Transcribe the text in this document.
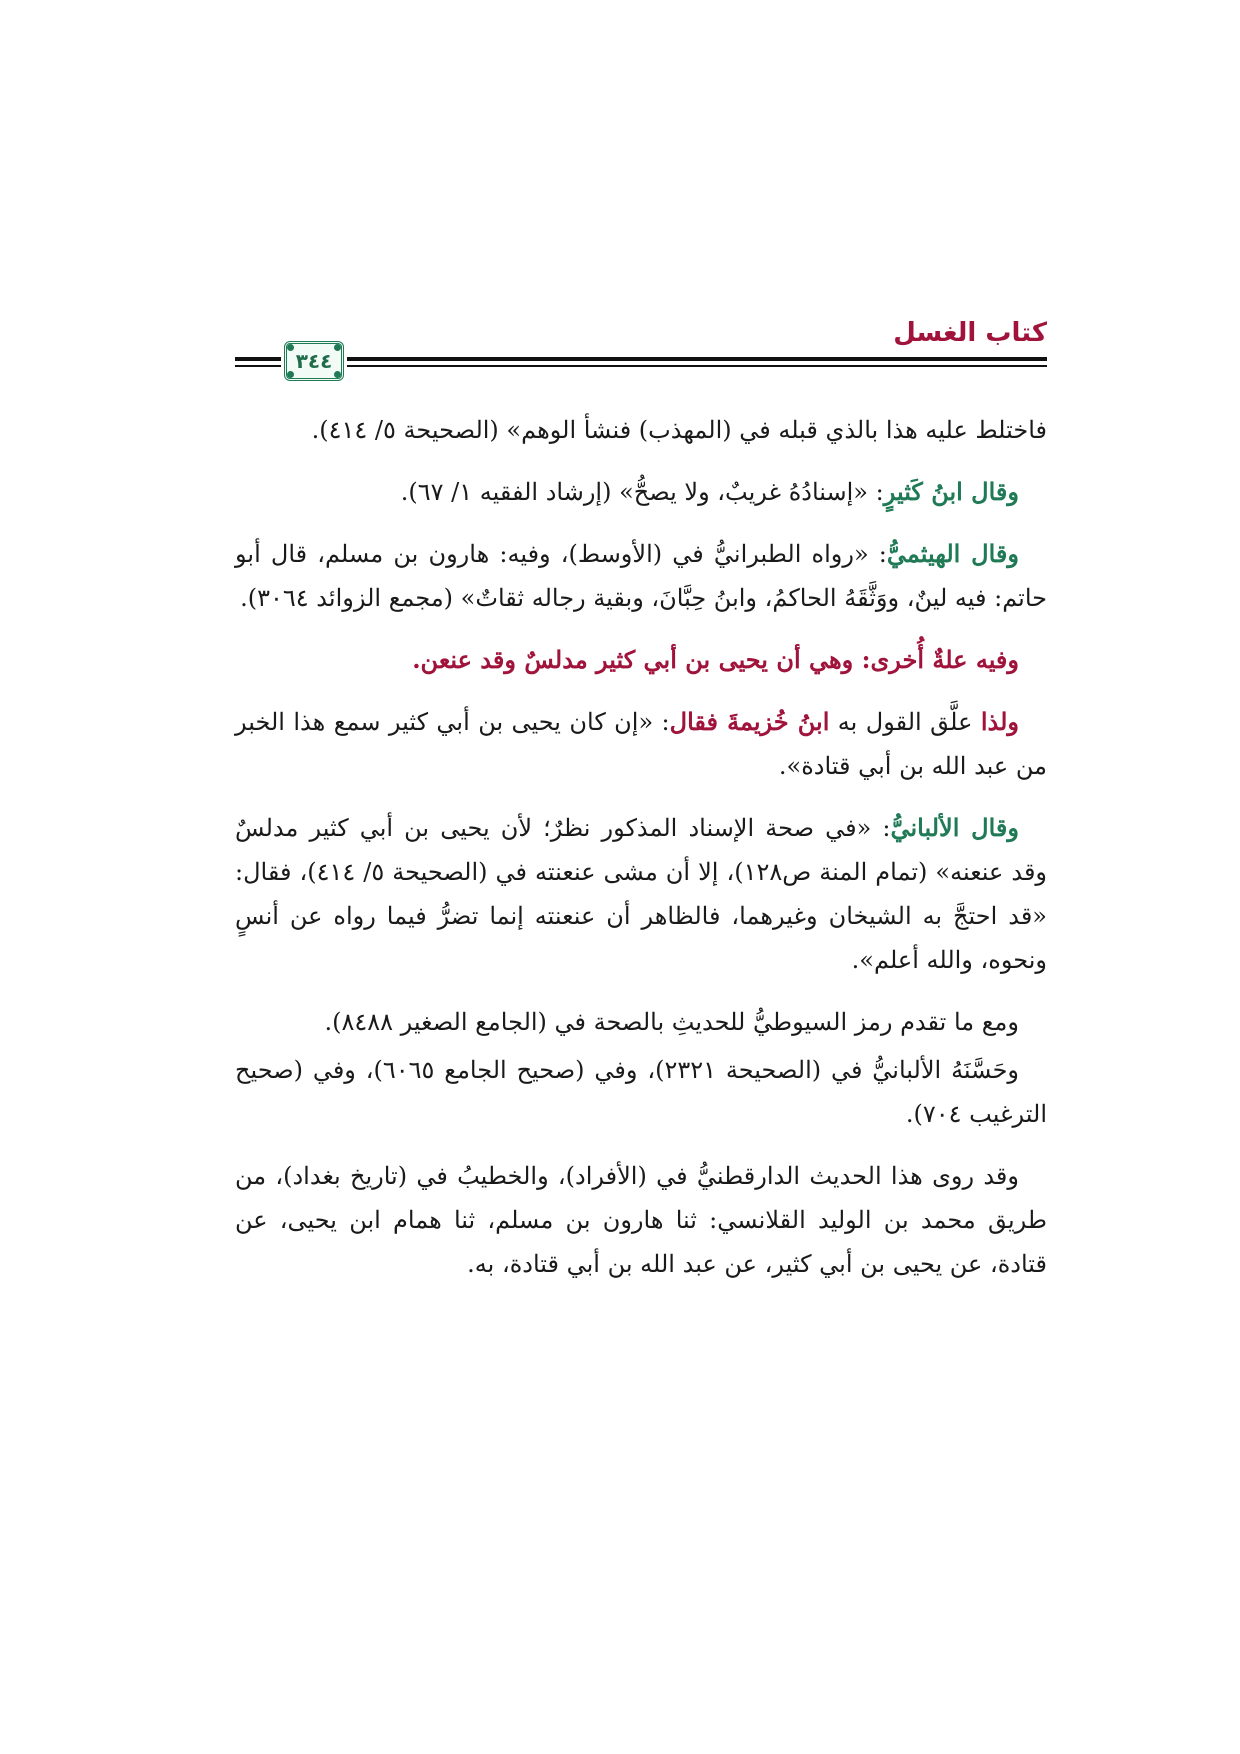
كتاب الغسل
٣٤٤

فاختلط عليه هذا بالذي قبله في (المهذب) فنشأ الوهم» (الصحيحة ٥/ ٤١٤).

وقال ابنُ كَثيرٍ: «إسنادُهُ غريبٌ، ولا يصحُّ» (إرشاد الفقيه ١/ ٦٧).

وقال الهيثميُّ: «رواه الطبرانيُّ في (الأوسط)، وفيه: هارون بن مسلم، قال أبو حاتم: فيه لينٌ، ووَثَّقَهُ الحاكمُ، وابنُ حِبَّانَ، وبقية رجاله ثقاتٌ» (مجمع الزوائد ٣٠٦٤).

وفيه علةٌ أُخرى: وهي أن يحيى بن أبي كثير مدلسٌ وقد عنعن.

ولذا علَّق القول به ابنُ خُزيمةَ فقال: «إن كان يحيى بن أبي كثير سمع هذا الخبر من عبد الله بن أبي قتادة».

وقال الألبانيُّ: «في صحة الإسناد المذكور نظرٌ؛ لأن يحيى بن أبي كثير مدلسٌ وقد عنعنه» (تمام المنة ص١٢٨)، إلا أن مشى عنعنته في (الصحيحة ٥/ ٤١٤)، فقال: «قد احتجَّ به الشيخان وغيرهما، فالظاهر أن عنعنته إنما تضرُّ فيما رواه عن أنسٍ ونحوه، والله أعلم».

ومع ما تقدم رمز السيوطيُّ للحديثِ بالصحة في (الجامع الصغير ٨٤٨٨).

وحَسَّنَهُ الألبانيُّ في (الصحيحة ٢٣٢١)، وفي (صحيح الجامع ٦٠٦٥)، وفي (صحيح الترغيب ٧٠٤).

وقد روى هذا الحديث الدارقطنيُّ في (الأفراد)، والخطيبُ في (تاريخ بغداد)، من طريق محمد بن الوليد القلانسي: ثنا هارون بن مسلم، ثنا همام ابن يحيى، عن قتادة، عن يحيى بن أبي كثير، عن عبد الله بن أبي قتادة، به.
